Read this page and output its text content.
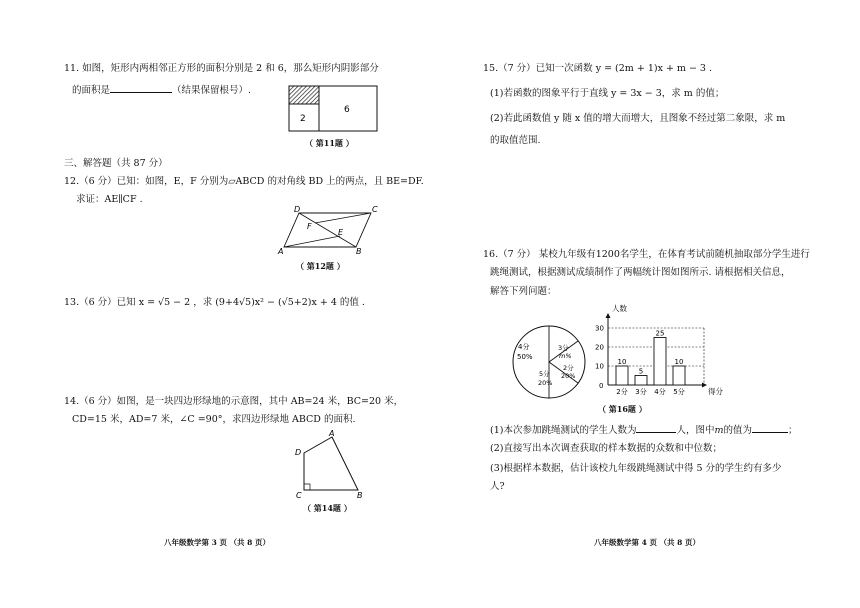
11. 如图，矩形内两相邻正方形的面积分别是 2 和 6，那么矩形内阴影部分
的面积是	（结果保留根号）.
2
6
（ 第11题 ）
三、解答题（共 87 分）
12.（6 分）已知：如图，E，F 分别为▱ABCD 的对角线 BD 上的两点，且 BE=DF.
求证：AE∥CF .
D	C
F
E
A	B
（ 第12题 ）
13.（6 分）已知 x = √5 − 2 ，求 (9+4√5)x² − (√5+2)x + 4 的值 .
14.（6 分）如图，是一块四边形绿地的示意图，其中 AB=24 米，BC=20 米，
CD=15 米，AD=7 米，∠C =90°，求四边形绿地 ABCD 的面积.
A
D
C	B
（ 第14题 ）
八年级数学第 3 页 （共 8 页）
15.（7 分）已知一次函数 y = (2m + 1)x + m − 3 .
(1)若函数的图象平行于直线 y = 3x − 3，求 m 的值；
(2)若此函数值 y 随 x 值的增大而增大，且图象不经过第二象限，求 m
的取值范围.
16.（7 分） 某校九年级有1200名学生，在体育考试前随机抽取部分学生进行
跳绳测试，根据测试成绩制作了两幅统计图如图所示. 请根据相关信息，
解答下列问题：
4分
50%
3分
m%
2分
20%
5分
20%
人数
得分
0
10
20
30
10
2分
5
3分
25
4分
10
5分
（ 第16题 ）
(1)本次参加跳绳测试的学生人数为	人，图中m的值为	；
(2)直接写出本次调查获取的样本数据的众数和中位数；
(3)根据样本数据，估计该校九年级跳绳测试中得 5 分的学生约有多少
人?
八年级数学第 4 页 （共 8 页）
